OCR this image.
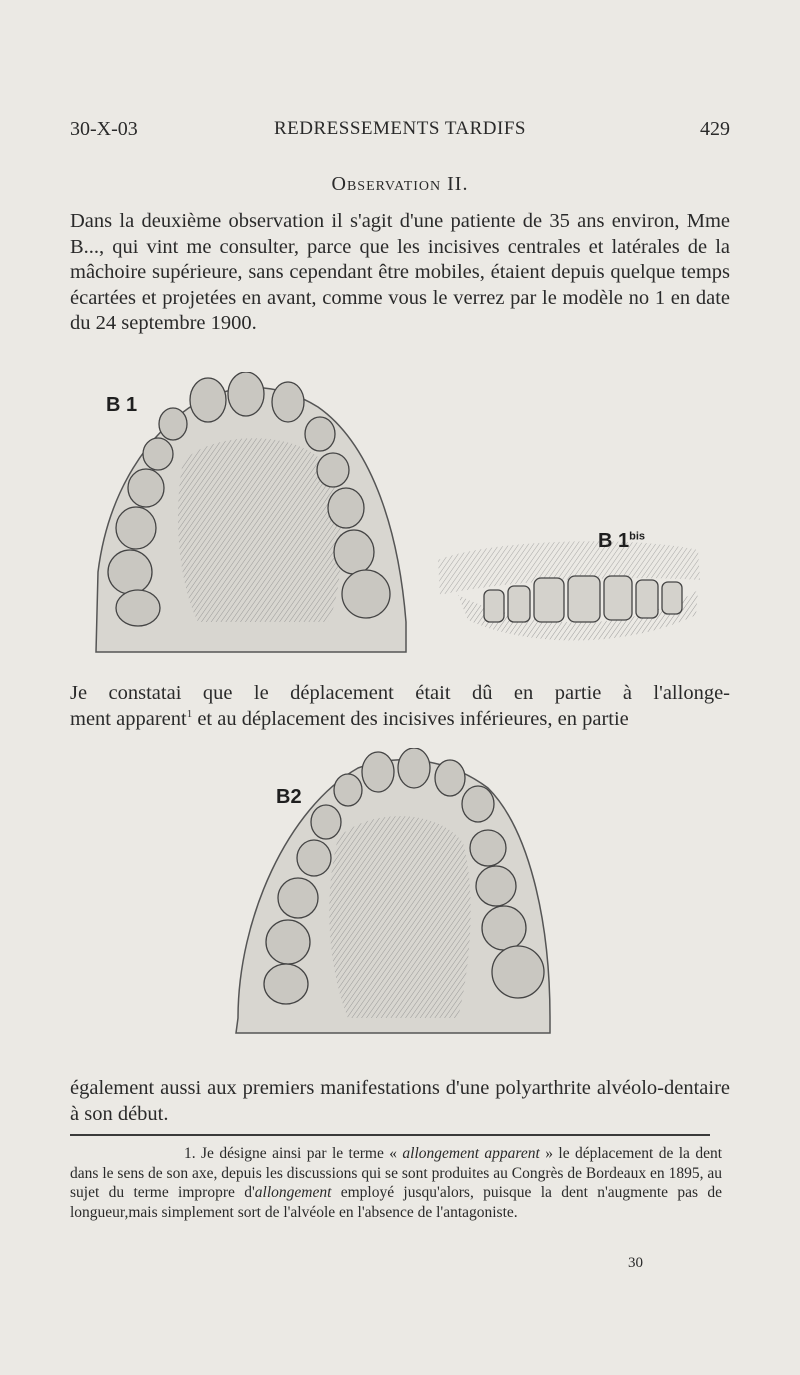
30-X-03	REDRESSEMENTS TARDIFS	429
Observation II.
Dans la deuxième observation il s'agit d'une patiente de 35 ans environ, Mme B..., qui vint me consulter, parce que les incisives centrales et latérales de la mâchoire supérieure, sans cependant être mobiles, étaient depuis quelque temps écartées et projetées en avant, comme vous le verrez par le modèle no 1 en date du 24 septembre 1900.
B 1
B $1^{bis}$
Je constatai que le déplacement était dû en partie à l'allonge-
ment apparent$^1$ et au déplacement des incisives inférieures, en partie
B2
également aussi aux premiers manifestations d'une polyarthrite alvéolo-dentaire à son début.
1. Je désigne ainsi par le terme « allongement apparent » le déplacement de la dent dans le sens de son axe, depuis les discussions qui se sont produites au Congrès de Bordeaux en 1895, au sujet du terme impropre d'allongement employé jusqu'alors, puisque la dent n'augmente pas de longueur,mais simplement sort de l'alvéole en l'absence de l'antagoniste.
30
